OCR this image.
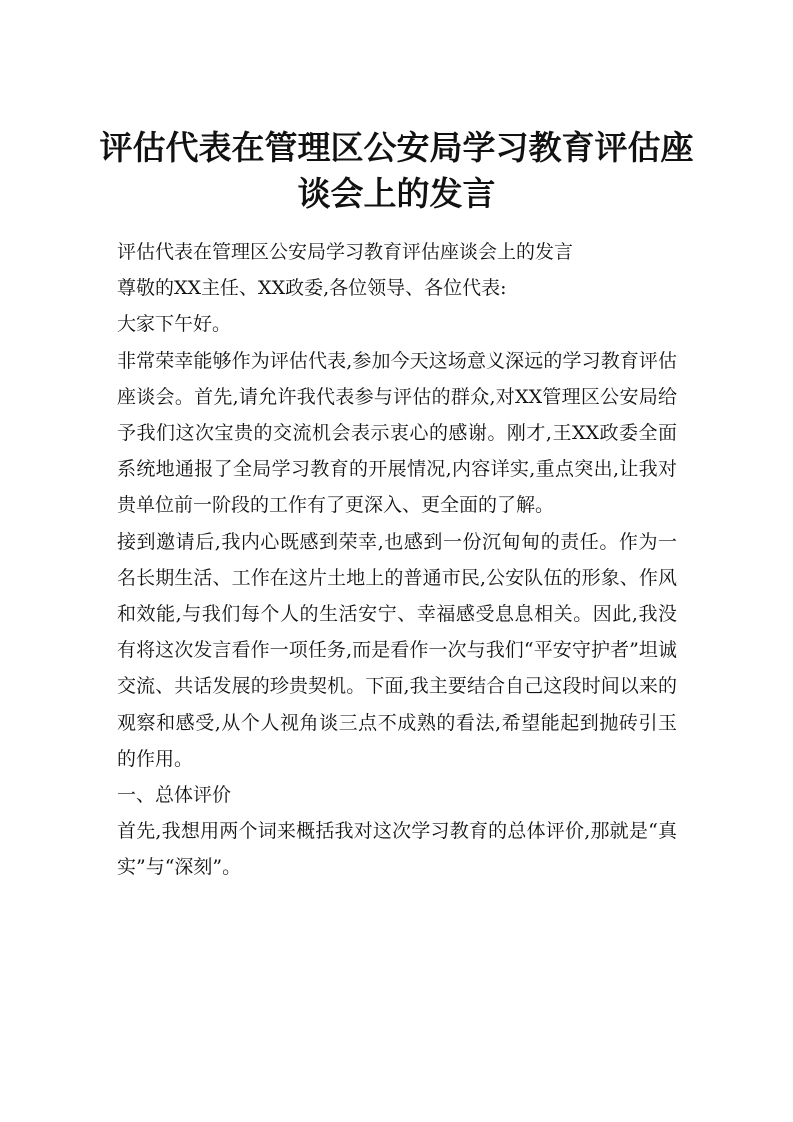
评估代表在管理区公安局学习教育评估座
谈会上的发言

评估代表在管理区公安局学习教育评估座谈会上的发言

尊敬的XX主任、XX政委,各位领导、各位代表:

大家下午好。

非常荣幸能够作为评估代表,参加今天这场意义深远的学习教育评估座谈会。首先,请允许我代表参与评估的群众,对XX管理区公安局给予我们这次宝贵的交流机会表示衷心的感谢。刚才,王XX政委全面系统地通报了全局学习教育的开展情况,内容详实,重点突出,让我对贵单位前一阶段的工作有了更深入、更全面的了解。

接到邀请后,我内心既感到荣幸,也感到一份沉甸甸的责任。作为一名长期生活、工作在这片土地上的普通市民,公安队伍的形象、作风和效能,与我们每个人的生活安宁、幸福感受息息相关。因此,我没有将这次发言看作一项任务,而是看作一次与我们“平安守护者”坦诚交流、共话发展的珍贵契机。下面,我主要结合自己这段时间以来的观察和感受,从个人视角谈三点不成熟的看法,希望能起到抛砖引玉的作用。

一、总体评价

首先,我想用两个词来概括我对这次学习教育的总体评价,那就是“真实”与“深刻”。
